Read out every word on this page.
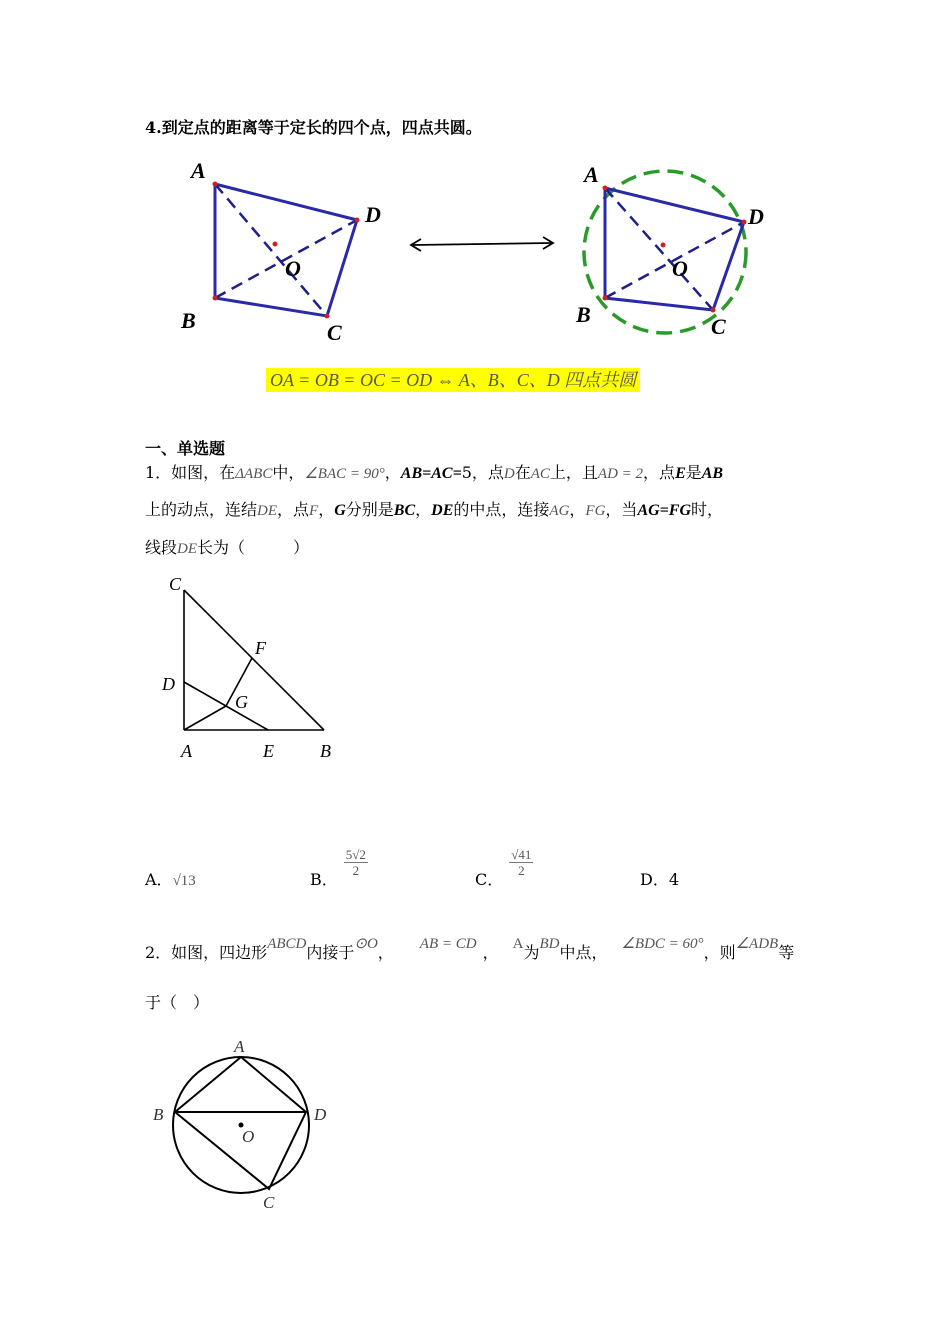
4.到定点的距离等于定长的四个点，四点共圆。
A
D
O
B	C
A
D
O
B	C
OA = OB = OC = OD ⇔ A、B、C、D 四点共圆
一、单选题
1．如图，在ΔABC中，∠BAC = 90°，AB=AC=5，点D在AC上，且AD = 2，点E是AB
上的动点，连结DE，点F，G分别是BC，DE的中点，连接AG，FG，当AG=FG时，
线段DE长为（　　　）
C
F
D
G
A	E	B
A．√13	B．
$\frac{5√2}{2}$
C．
$\frac{√41}{2}$
D．4
2．如图，四边形ABCD内接于⊙O， AB = CD ， A为BD中点， ∠BDC = 60°，则∠ADB等
于（　）
A
B	D
O
C
